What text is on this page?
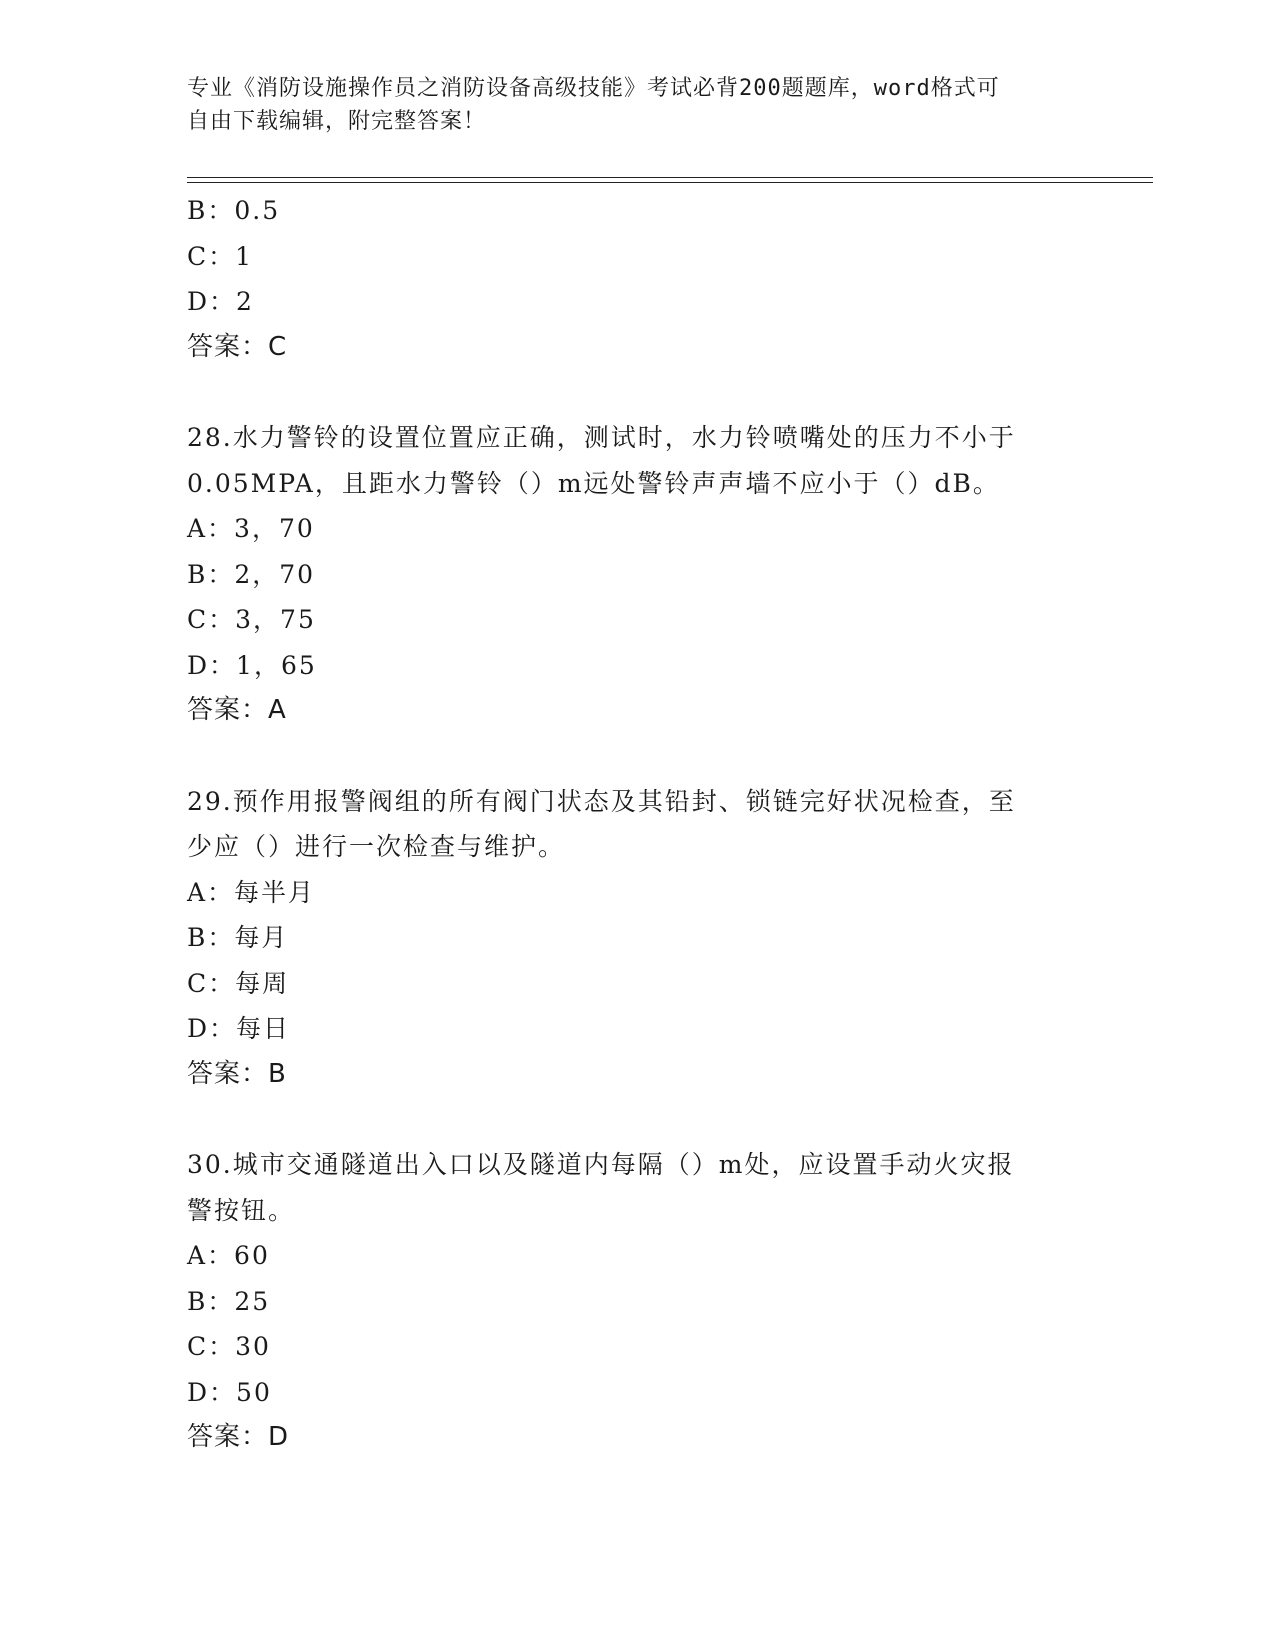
专业《消防设施操作员之消防设备高级技能》考试必背200题题库，word格式可
自由下载编辑，附完整答案！
B：0.5
C：1
D：2
答案：C
28.水力警铃的设置位置应正确，测试时，水力铃喷嘴处的压力不小于
0.05MPA，且距水力警铃（）m远处警铃声声墙不应小于（）dB。
A：3，70
B：2，70
C：3，75
D：1，65
答案：A
29.预作用报警阀组的所有阀门状态及其铅封、锁链完好状况检查，至
少应（）进行一次检查与维护。
A：每半月
B：每月
C：每周
D：每日
答案：B
30.城市交通隧道出入口以及隧道内每隔（）m处，应设置手动火灾报
警按钮。
A：60
B：25
C：30
D：50
答案：D
